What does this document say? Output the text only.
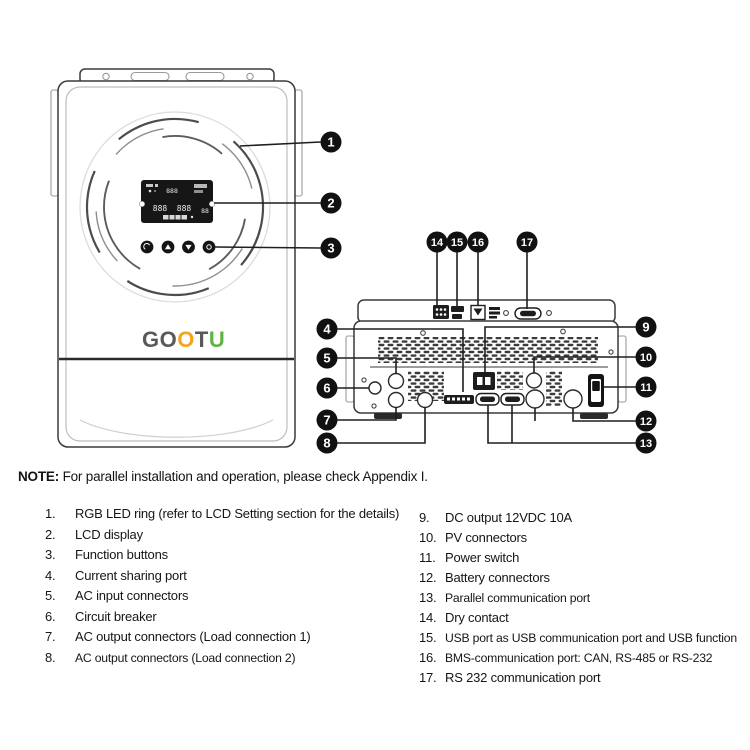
888
888 888 88
GOOTU
1
2
3
4
5
6
7
8
9
10
11
12
13
14 15 16	17
NOTE: For parallel installation and operation, please check Appendix I.
1.	RGB LED ring (refer to LCD Setting section for the details)
2.	LCD display
3.	Function buttons
4.	Current sharing port
5.	AC input connectors
6.	Circuit breaker
7.	AC output connectors (Load connection 1)
8.	AC output connectors (Load connection 2)
9.	DC output 12VDC 10A
10. PV connectors
11. Power switch
12. Battery connectors
13. Parallel communication port
14. Dry contact
15. USB port as USB communication port and USB function
16. BMS-communication port: CAN, RS-485 or RS-232
17. RS 232 communication port
